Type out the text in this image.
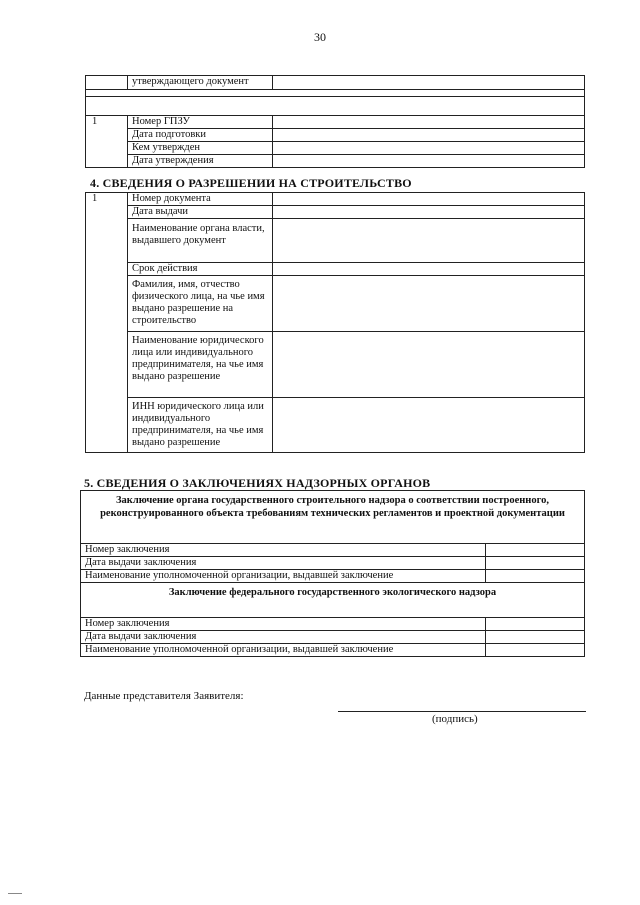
30
	утверждающего документ	

1	Номер ГПЗУ	
	Дата подготовки	
	Кем утвержден	
	Дата утверждения	
4. СВЕДЕНИЯ О РАЗРЕШЕНИИ НА СТРОИТЕЛЬСТВО
1	Номер документа	
	Дата выдачи	
	Наименование органа власти, выдавшего документ	
	Срок действия	
	Фамилия, имя, отчество физического лица, на чье имя выдано разрешение на строительство	
	Наименование юридического лица или индивидуального предпринимателя, на чье имя выдано разрешение	
	ИНН юридического лица или индивидуального предпринимателя, на чье имя выдано разрешение	
5. СВЕДЕНИЯ О ЗАКЛЮЧЕНИЯХ НАДЗОРНЫХ ОРГАНОВ
Заключение органа государственного строительного надзора о соответствии построенного, реконструированного объекта требованиям технических регламентов и проектной документации	
Номер заключения	
Дата выдачи заключения	
Наименование уполномоченной организации, выдавшей заключение	
Заключение федерального государственного экологического надзора	
Номер заключения	
Дата выдачи заключения	
Наименование уполномоченной организации, выдавшей заключение	
Данные представителя Заявителя:
(подпись)
